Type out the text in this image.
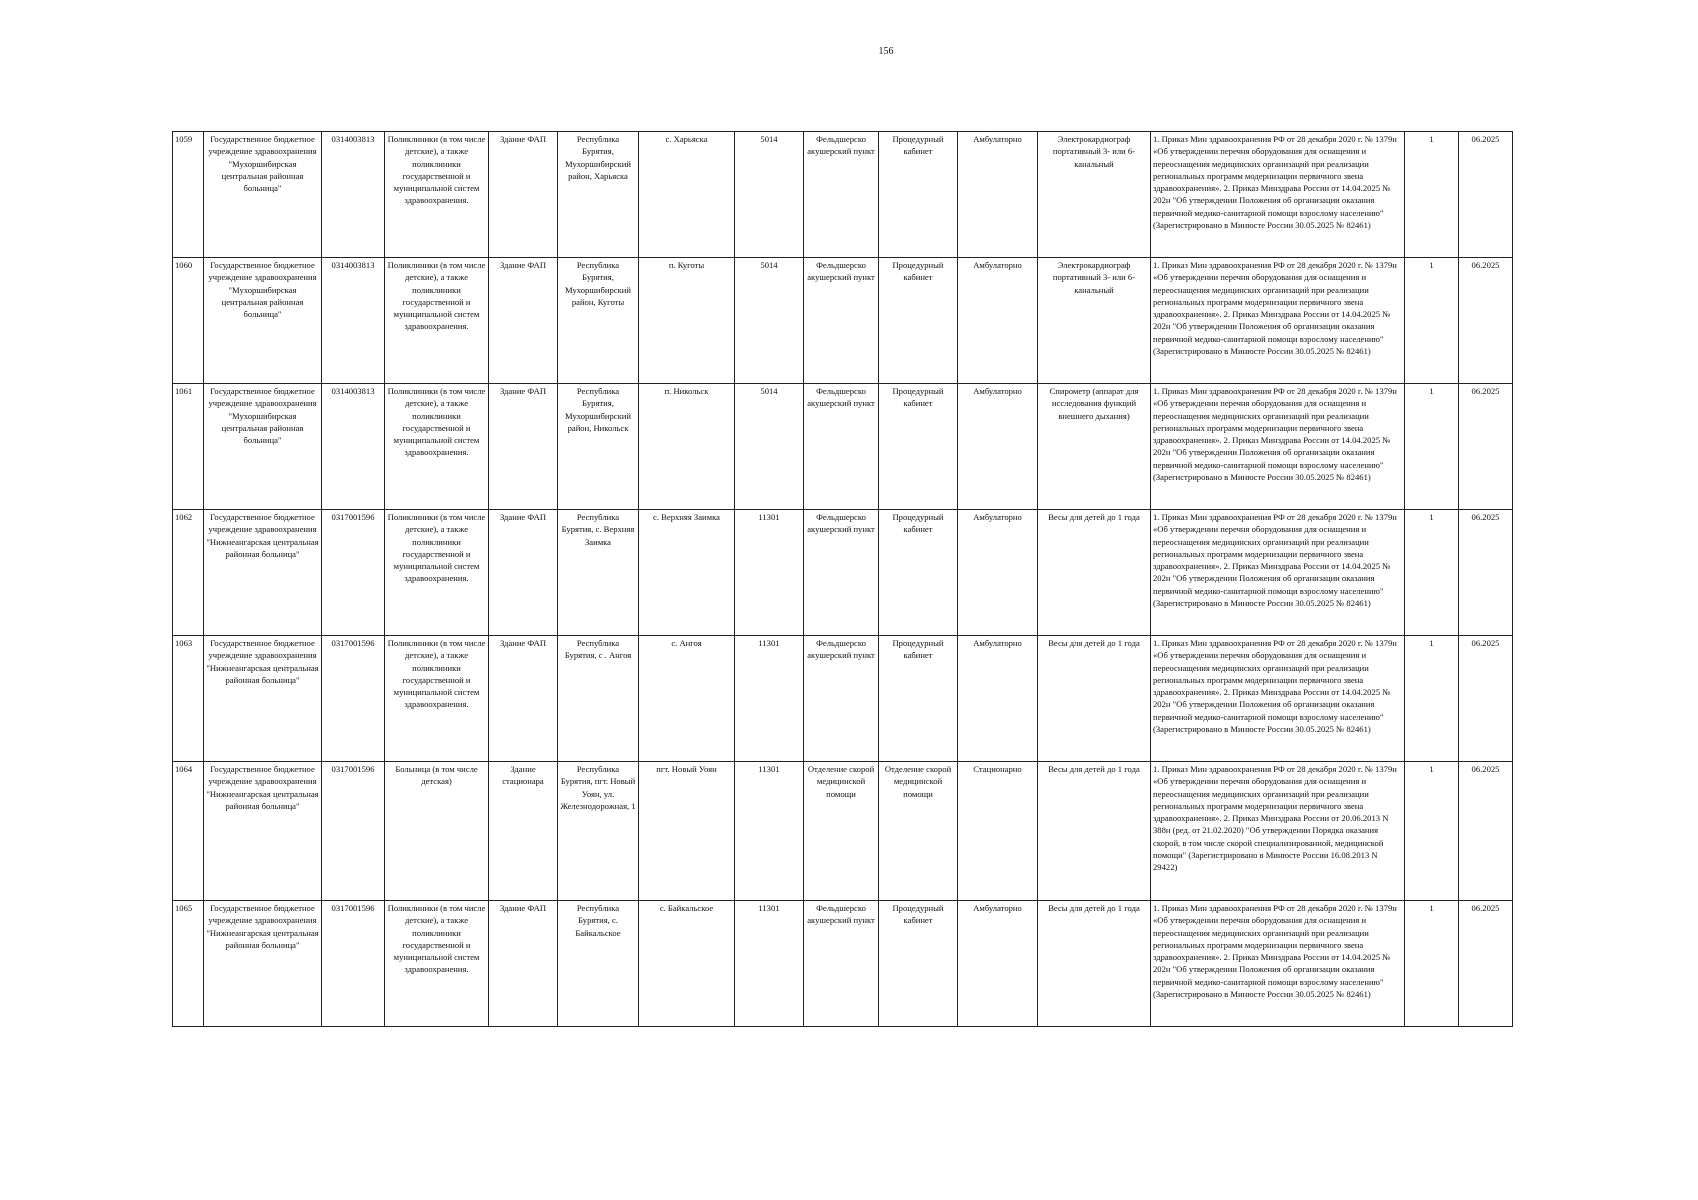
156
1059	Государственное бюджетное учреждение здравоохранения "Мухоршибирская центральная районная больница"	0314003813	Поликлиники (в том числе детские), а также поликлиники государственной и муниципальной систем здравоохранения.	Здание ФАП	Республика Бурятия, Мухоршибирский район, Харьяска	с. Харьяска	5014	Фельдшерско акушерский пункт	Процедурный кабинет	Амбулаторно	Электрокардиограф портативный 3- или 6-канальный	1. Приказ Мин здравоохранения РФ от 28 декабря 2020 г. № 1379н «Об утверждении перечня оборудования для оснащения и переоснащения медицинских организаций при реализации региональных программ модернизации первичного звена здравоохранения». 2. Приказ Минздрава России от 14.04.2025 № 202н "Об утверждении Положения об организации оказания первичной медико-санитарной помощи взрослому населению" (Зарегистрировано в Минюсте России 30.05.2025 № 82461)	1	06.2025
1060	Государственное бюджетное учреждение здравоохранения "Мухоршибирская центральная районная больница"	0314003813	Поликлиники (в том числе детские), а также поликлиники государственной и муниципальной систем здравоохранения.	Здание ФАП	Республика Бурятия, Мухоршибирский район, Куготы	п. Куготы	5014	Фельдшерско акушерский пункт	Процедурный кабинет	Амбулаторно	Электрокардиограф портативный 3- или 6-канальный	1. Приказ Мин здравоохранения РФ от 28 декабря 2020 г. № 1379н «Об утверждении перечня оборудования для оснащения и переоснащения медицинских организаций при реализации региональных программ модернизации первичного звена здравоохранения». 2. Приказ Минздрава России от 14.04.2025 № 202н "Об утверждении Положения об организации оказания первичной медико-санитарной помощи взрослому населению" (Зарегистрировано в Минюсте России 30.05.2025 № 82461)	1	06.2025
1061	Государственное бюджетное учреждение здравоохранения "Мухоршибирская центральная районная больница"	0314003813	Поликлиники (в том числе детские), а также поликлиники государственной и муниципальной систем здравоохранения.	Здание ФАП	Республика Бурятия, Мухоршибирский район, Никольск	п. Никольск	5014	Фельдшерско акушерский пункт	Процедурный кабинет	Амбулаторно	Спирометр (аппарат для исследования функций внешнего дыхания)	1. Приказ Мин здравоохранения РФ от 28 декабря 2020 г. № 1379н «Об утверждении перечня оборудования для оснащения и переоснащения медицинских организаций при реализации региональных программ модернизации первичного звена здравоохранения». 2. Приказ Минздрава России от 14.04.2025 № 202н "Об утверждении Положения об организации оказания первичной медико-санитарной помощи взрослому населению" (Зарегистрировано в Минюсте России 30.05.2025 № 82461)	1	06.2025
1062	Государственное бюджетное учреждение здравоохранения "Нижнеангарская центральная районная больница"	0317001596	Поликлиники (в том числе детские), а также поликлиники государственной и муниципальной систем здравоохранения.	Здание ФАП	Республика Бурятия, с. Верхняя Заимка	с. Верхняя Заимка	11301	Фельдшерско акушерский пункт	Процедурный кабинет	Амбулаторно	Весы для детей до 1 года	1. Приказ Мин здравоохранения РФ от 28 декабря 2020 г. № 1379н «Об утверждении перечня оборудования для оснащения и переоснащения медицинских организаций при реализации региональных программ модернизации первичного звена здравоохранения». 2. Приказ Минздрава России от 14.04.2025 № 202н "Об утверждении Положения об организации оказания первичной медико-санитарной помощи взрослому населению" (Зарегистрировано в Минюсте России 30.05.2025 № 82461)	1	06.2025
1063	Государственное бюджетное учреждение здравоохранения "Нижнеангарская центральная районная больница"	0317001596	Поликлиники (в том числе детские), а также поликлиники государственной и муниципальной систем здравоохранения.	Здание ФАП	Республика Бурятия, с . Ангоя	с. Ангоя	11301	Фельдшерско акушерский пункт	Процедурный кабинет	Амбулаторно	Весы для детей до 1 года	1. Приказ Мин здравоохранения РФ от 28 декабря 2020 г. № 1379н «Об утверждении перечня оборудования для оснащения и переоснащения медицинских организаций при реализации региональных программ модернизации первичного звена здравоохранения». 2. Приказ Минздрава России от 14.04.2025 № 202н "Об утверждении Положения об организации оказания первичной медико-санитарной помощи взрослому населению" (Зарегистрировано в Минюсте России 30.05.2025 № 82461)	1	06.2025
1064	Государственное бюджетное учреждение здравоохранения "Нижнеангарская центральная районная больница"	0317001596	Больница (в том числе детская)	Здание стационара	Республика Бурятия, пгт. Новый Уоян, ул. Железнодорожная, 1	пгт. Новый Уоян	11301	Отделение скорой медицинской помощи	Отделение скорой медицинской помощи	Стационарно	Весы для детей до 1 года	1. Приказ Мин здравоохранения РФ от 28 декабря 2020 г. № 1379н «Об утверждении перечня оборудования для оснащения и переоснащения медицинских организаций при реализации региональных программ модернизации первичного звена здравоохранения». 2. Приказ Минздрава России от 20.06.2013 N 388н (ред. от 21.02.2020) "Об утверждении Порядка оказания скорой, в том числе скорой специализированной, медицинской помощи" (Зарегистрировано в Минюсте России 16.08.2013 N 29422)	1	06.2025
1065	Государственное бюджетное учреждение здравоохранения "Нижнеангарская центральная районная больница"	0317001596	Поликлиники (в том числе детские), а также поликлиники государственной и муниципальной систем здравоохранения.	Здание ФАП	Республика Бурятия, с. Байкальское	с. Байкальское	11301	Фельдшерско акушерский пункт	Процедурный кабинет	Амбулаторно	Весы для детей до 1 года	1. Приказ Мин здравоохранения РФ от 28 декабря 2020 г. № 1379н «Об утверждении перечня оборудования для оснащения и переоснащения медицинских организаций при реализации региональных программ модернизации первичного звена здравоохранения». 2. Приказ Минздрава России от 14.04.2025 № 202н "Об утверждении Положения об организации оказания первичной медико-санитарной помощи взрослому населению" (Зарегистрировано в Минюсте России 30.05.2025 № 82461)	1	06.2025
